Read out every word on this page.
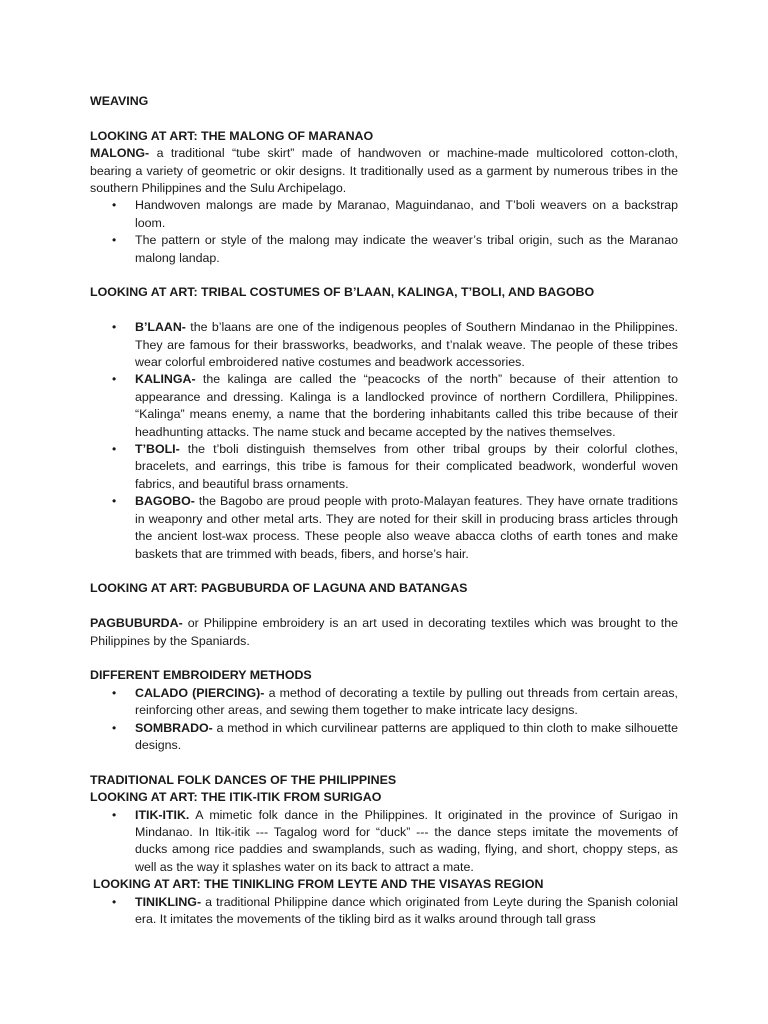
WEAVING

LOOKING AT ART: THE MALONG OF MARANAO

MALONG- a traditional “tube skirt” made of handwoven or machine-made multicolored cotton-cloth, bearing a variety of geometric or okir designs. It traditionally used as a garment by numerous tribes in the southern Philippines and the Sulu Archipelago.

• Handwoven malongs are made by Maranao, Maguindanao, and T’boli weavers on a backstrap loom.
• The pattern or style of the malong may indicate the weaver’s tribal origin, such as the Maranao malong landap.

LOOKING AT ART: TRIBAL COSTUMES OF B’LAAN, KALINGA, T’BOLI, AND BAGOBO

• B’LAAN- the b’laans are one of the indigenous peoples of Southern Mindanao in the Philippines. They are famous for their brassworks, beadworks, and t’nalak weave. The people of these tribes wear colorful embroidered native costumes and beadwork accessories.
• KALINGA- the kalinga are called the “peacocks of the north” because of their attention to appearance and dressing. Kalinga is a landlocked province of northern Cordillera, Philippines. “Kalinga” means enemy, a name that the bordering inhabitants called this tribe because of their headhunting attacks. The name stuck and became accepted by the natives themselves.
• T’BOLI- the t’boli distinguish themselves from other tribal groups by their colorful clothes, bracelets, and earrings, this tribe is famous for their complicated beadwork, wonderful woven fabrics, and beautiful brass ornaments.
• BAGOBO- the Bagobo are proud people with proto-Malayan features. They have ornate traditions in weaponry and other metal arts. They are noted for their skill in producing brass articles through the ancient lost-wax process. These people also weave abacca cloths of earth tones and make baskets that are trimmed with beads, fibers, and horse’s hair.

LOOKING AT ART: PAGBUBURDA OF LAGUNA AND BATANGAS

PAGBUBURDA- or Philippine embroidery is an art used in decorating textiles which was brought to the Philippines by the Spaniards.

DIFFERENT EMBROIDERY METHODS

• CALADO (PIERCING)- a method of decorating a textile by pulling out threads from certain areas, reinforcing other areas, and sewing them together to make intricate lacy designs.
• SOMBRADO- a method in which curvilinear patterns are appliqued to thin cloth to make silhouette designs.

TRADITIONAL FOLK DANCES OF THE PHILIPPINES

LOOKING AT ART: THE ITIK-ITIK FROM SURIGAO

• ITIK-ITIK. A mimetic folk dance in the Philippines. It originated in the province of Surigao in Mindanao. In Itik-itik --- Tagalog word for “duck” --- the dance steps imitate the movements of ducks among rice paddies and swamplands, such as wading, flying, and short, choppy steps, as well as the way it splashes water on its back to attract a mate.

LOOKING AT ART: THE TINIKLING FROM LEYTE AND THE VISAYAS REGION

• TINIKLING- a traditional Philippine dance which originated from Leyte during the Spanish colonial era. It imitates the movements of the tikling bird as it walks around through tall grass
